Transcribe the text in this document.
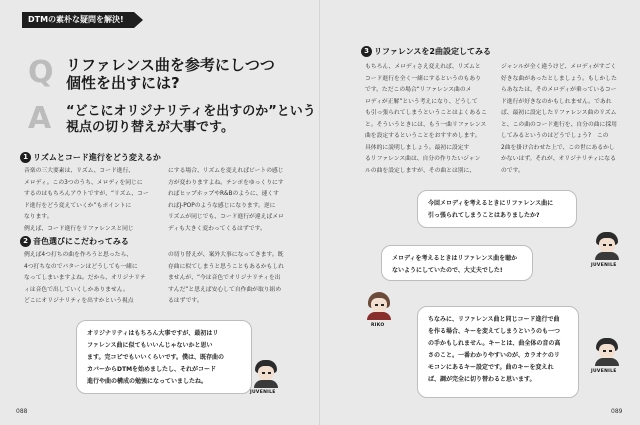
DTMの素朴な疑問を解決!
Q リファレンス曲を参考にしつつ
個性を出すには?
A “どこにオリジナリティを出すのか”という
視点の切り替えが大事です。
1 リズムとコード進行をどう変えるか

音楽の三大要素は、リズム、コード進行、

メロディ。この3つのうち、メロディを同じに

するのはもちろんアウトですが、“リズム、コー

ド進行をどう変えていくか”もポイントに

なります。

例えば、コード進行をリファレンスと同じ

にする場合、リズムを変えればビートの感じ

方が変わりますよね。テンポをゆっくりにす

ればヒップホップやR&Bのように、速くす

ればJ-POPのような感じになります。逆に

リズムが同じでも、コード進行が違えばメロ

ディも大きく変わってくるはずです。

2 音色選びにこだわってみる

例えば4つ打ちの曲を作ろうと思ったら、

4つ打ちなのでパターンはどうしても一緒に

なってしまいますよね。だから、オリジナリテ

ィは音色で出していくしかありません。

どこにオリジナリティを出すかという視点

の切り替えが、案外大事になってきます。既

存曲に似てしまうと思うこともあるかもしれ

ませんが、“今は音色でオリジナリティを出

すんだ”と思えば安心して自作曲が取り組め

るはずです。

オリジナリティはもちろん大事ですが、最初はリ

ファレンス曲に似てもいいんじゃないかと思い

ます。完コピでもいいくらいです。僕は、既存曲の

カバーからDTMを始めましたし、それがコード

進行や曲の構成の勉強になっていましたね。

JUVENILE
088
3 リファレンスを2曲設定してみる

もちろん、メロディさえ変えれば、リズムと

コード進行を全く一緒にするというのもあり

です。ただこの場合“リファレンス曲のメ

ロディが正解”という考えになり、どうして

も引っ張られてしまうということはよくあるこ

と。そういうときには、もう一曲リファレンス

曲を設定するということをおすすめします。

具体的に説明しましょう。最初に設定す

るリファレンス曲は、自分の作りたいジャン

ルの曲を設定しますが、その曲とは別に、

ジャンルが全く違うけど、メロディがすごく

好きな曲があったとしましょう。もしかした

らあなたは、そのメロディが乗っているコー

ド進行が好きなのかもしれません。であれ

ば、最初に設定したリファレンス曲のリズム

と、この曲のコード進行を、自分の曲に採用

してみるというのはどうでしょう?　この

2曲を掛け合わせた上で、この世にあるかし

かないはず。それが、オリジナリティになる

のです。

今回メロディを考えるときにリファレンス曲に

引っ張られてしまうことはありましたか?

JUVENILE

メロディを考えるときはリファレンス曲を聴か

ないようにしていたので、大丈夫でした!

RIKO

ちなみに、リファレンス曲と同じコード進行で曲

を作る場合、キーを変えてしまうというのも一つ

の手かもしれません。キーとは、曲全体の音の高

さのこと。一番わかりやすいのが、カラオケのリ

モコンにあるキー設定です。曲のキーを変えれ

ば、調が完全に切り替わると思います。

JUVENILE
089
